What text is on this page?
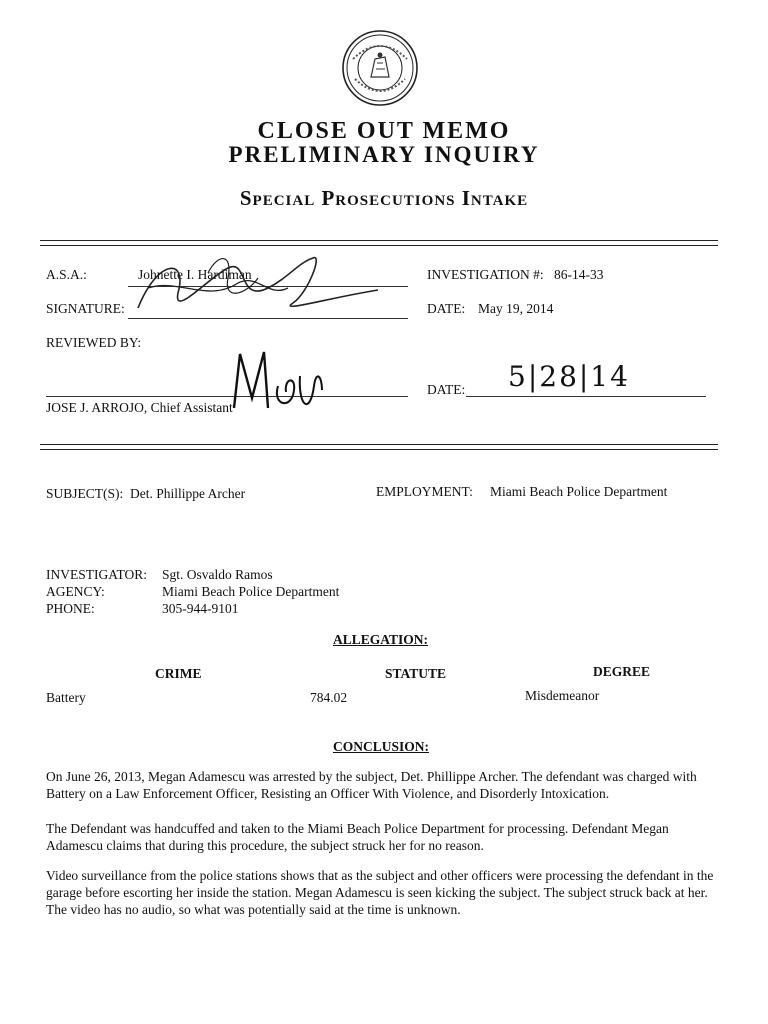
CLOSE OUT MEMO
PRELIMINARY INQUIRY
Special Prosecutions Intake
A.S.A.:	Johnette I. Hardiman
SIGNATURE:
REVIEWED BY:
JOSE J. ARROJO, Chief Assistant
INVESTIGATION #: 86-14-33
DATE: May 19, 2014
DATE: 5|28|14
SUBJECT(S): Det. Phillippe Archer	EMPLOYMENT: Miami Beach Police Department
INVESTIGATOR: Sgt. Osvaldo Ramos
AGENCY:	Miami Beach Police Department
PHONE:	305-944-9101
ALLEGATION:
CRIME	STATUTE	DEGREE
Battery	784.02	Misdemeanor
CONCLUSION:
On June 26, 2013, Megan Adamescu was arrested by the subject, Det. Phillippe Archer. The defendant was charged with Battery on a Law Enforcement Officer, Resisting an Officer With Violence, and Disorderly Intoxication.
The Defendant was handcuffed and taken to the Miami Beach Police Department for processing. Defendant Megan Adamescu claims that during this procedure, the subject struck her for no reason.
Video surveillance from the police stations shows that as the subject and other officers were processing the defendant in the garage before escorting her inside the station. Megan Adamescu is seen kicking the subject. The subject struck back at her. The video has no audio, so what was potentially said at the time is unknown.
